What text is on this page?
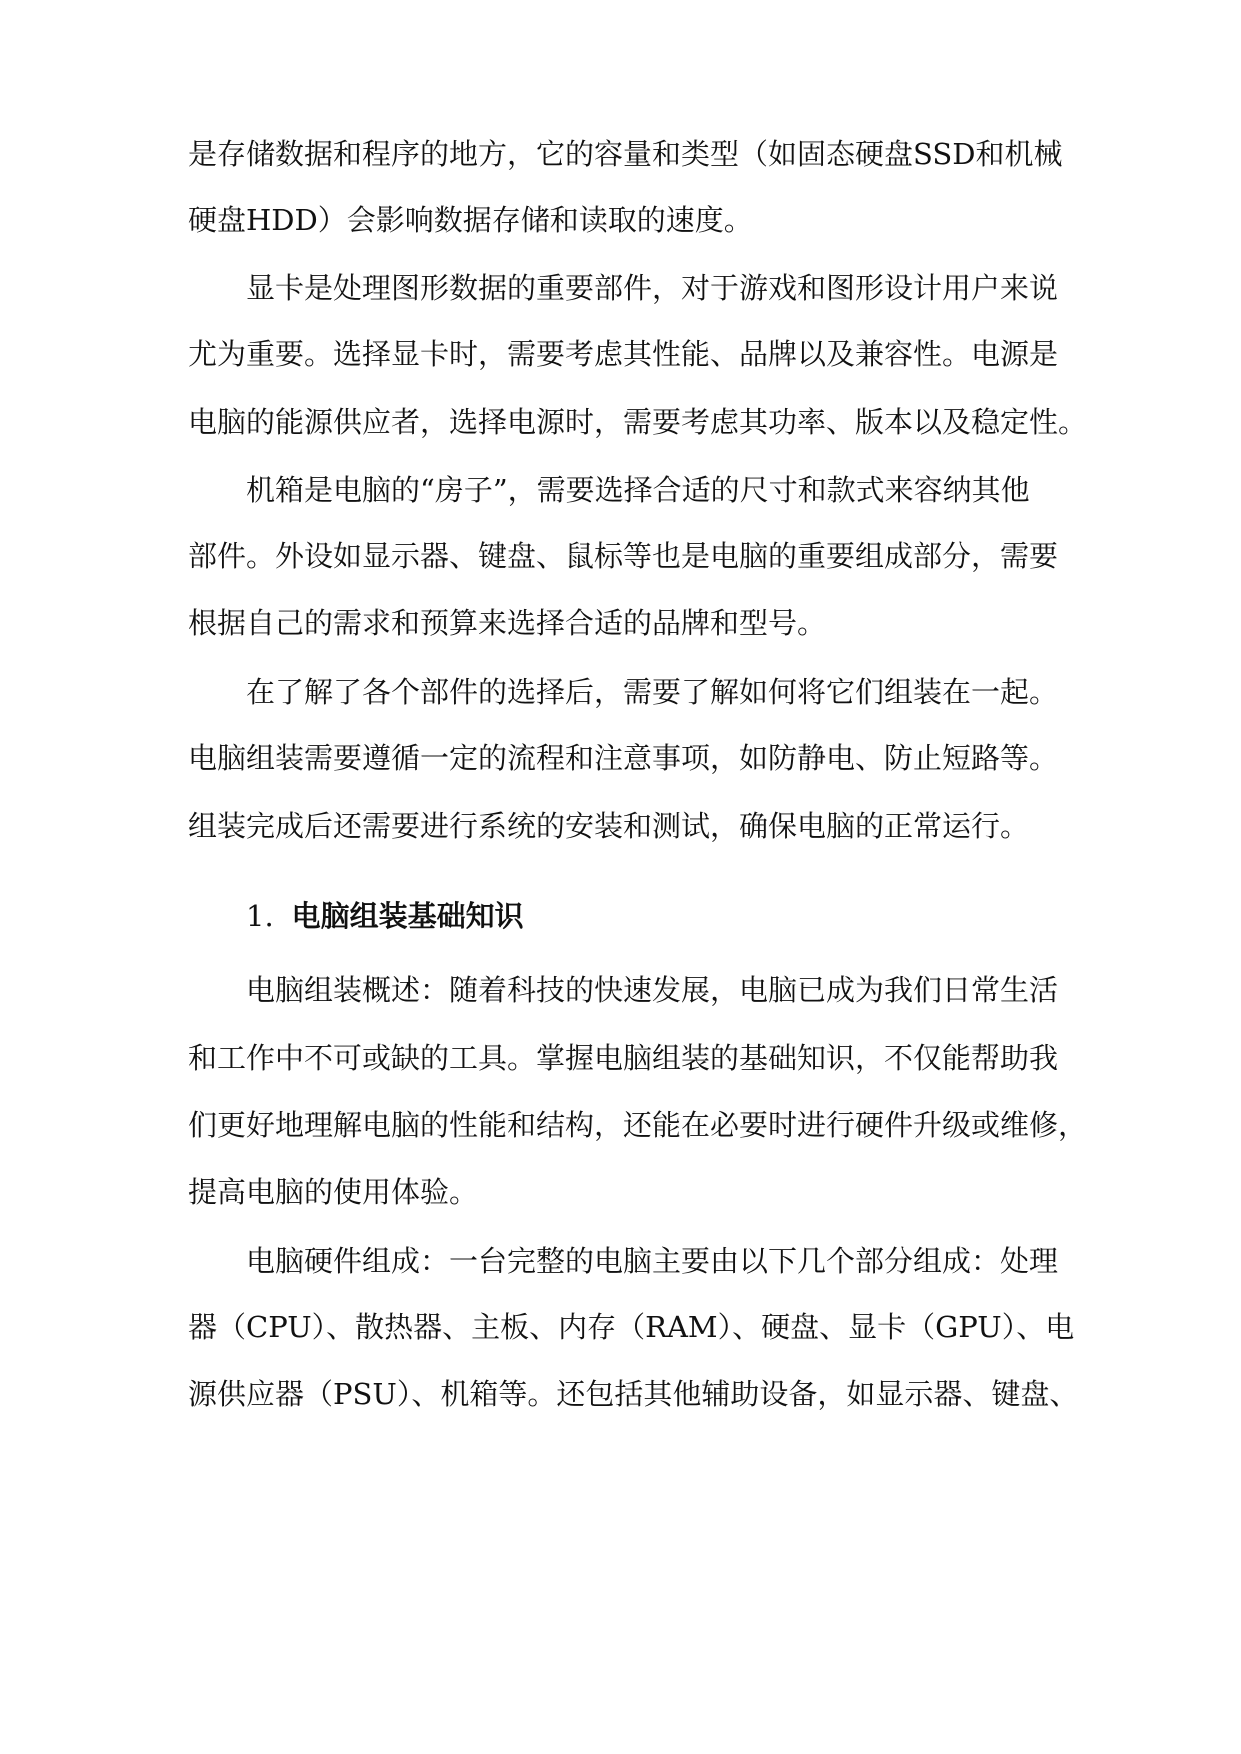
是存储数据和程序的地方，它的容量和类型（如固态硬盘SSD和机械

硬盘HDD）会影响数据存储和读取的速度。

显卡是处理图形数据的重要部件，对于游戏和图形设计用户来说

尤为重要。选择显卡时，需要考虑其性能、品牌以及兼容性。电源是

电脑的能源供应者，选择电源时，需要考虑其功率、版本以及稳定性。

机箱是电脑的“房子”，需要选择合适的尺寸和款式来容纳其他

部件。外设如显示器、键盘、鼠标等也是电脑的重要组成部分，需要

根据自己的需求和预算来选择合适的品牌和型号。

在了解了各个部件的选择后，需要了解如何将它们组装在一起。

电脑组装需要遵循一定的流程和注意事项，如防静电、防止短路等。

组装完成后还需要进行系统的安装和测试，确保电脑的正常运行。

1. 电脑组装基础知识

电脑组装概述：随着科技的快速发展，电脑已成为我们日常生活

和工作中不可或缺的工具。掌握电脑组装的基础知识，不仅能帮助我

们更好地理解电脑的性能和结构，还能在必要时进行硬件升级或维修，

提高电脑的使用体验。

电脑硬件组成：一台完整的电脑主要由以下几个部分组成：处理

器（CPU）、散热器、主板、内存（RAM）、硬盘、显卡（GPU）、电

源供应器（PSU）、机箱等。还包括其他辅助设备，如显示器、键盘、
